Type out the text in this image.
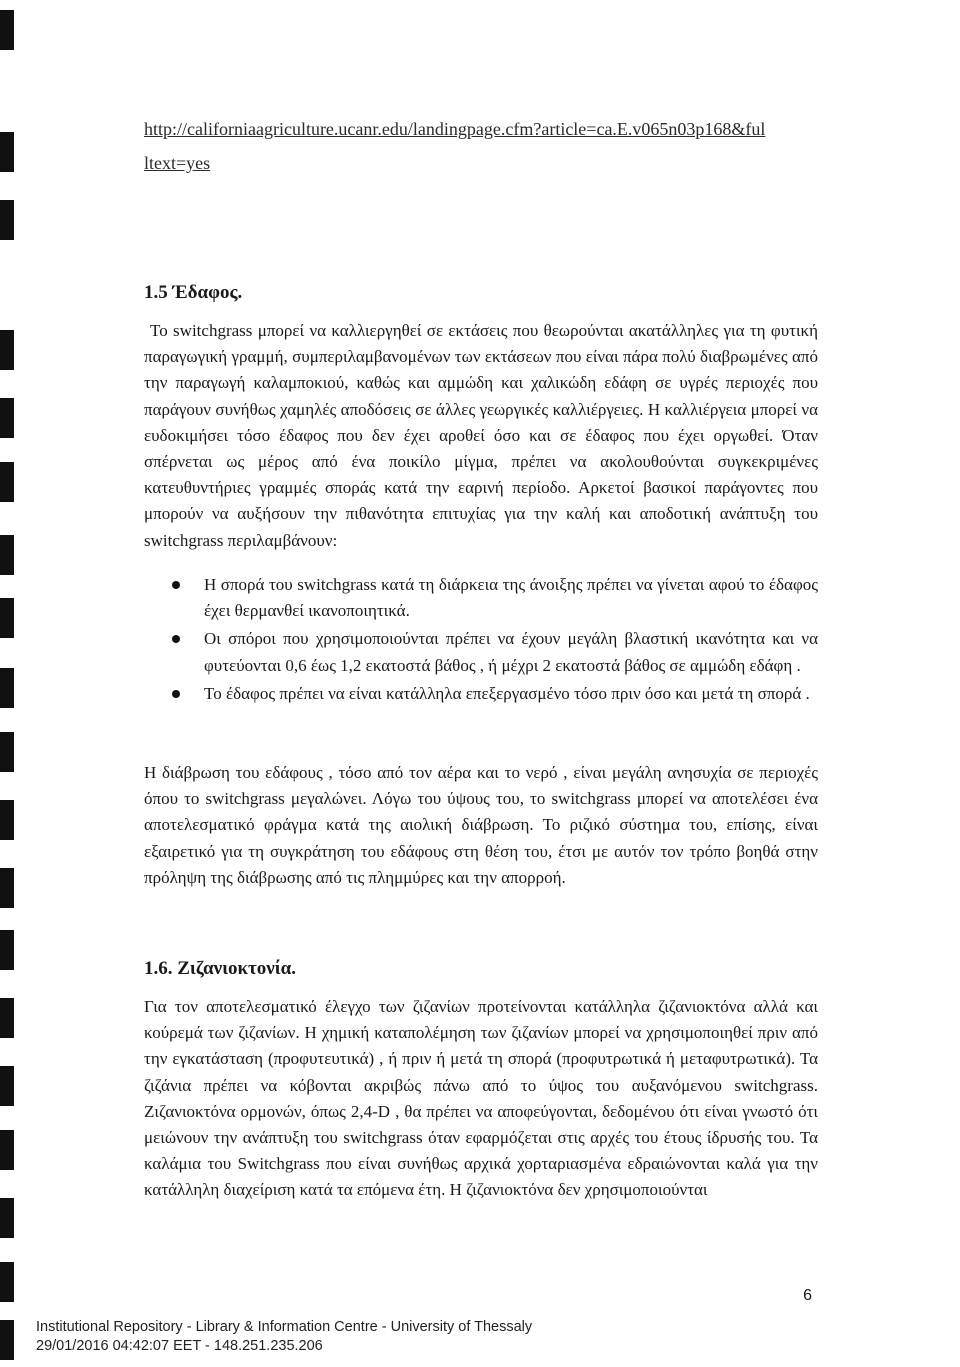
http://californiaagriculture.ucanr.edu/landingpage.cfm?article=ca.E.v065n03p168&ful
ltext=yes
1.5 Έδαφος.

Το switchgrass μπορεί να καλλιεργηθεί σε εκτάσεις που θεωρούνται ακατάλληλες για τη φυτική παραγωγική γραμμή, συμπεριλαμβανομένων των εκτάσεων που είναι πάρα πολύ διαβρωμένες από την παραγωγή καλαμποκιού, καθώς και αμμώδη και χαλικώδη εδάφη σε υγρές περιοχές που παράγουν συνήθως χαμηλές αποδόσεις σε άλλες γεωργικές καλλιέργειες. Η καλλιέργεια μπορεί να ευδοκιμήσει τόσο έδαφος που δεν έχει αροθεί όσο και σε έδαφος που έχει οργωθεί. Όταν σπέρνεται ως μέρος από ένα ποικίλο μίγμα, πρέπει να ακολουθούνται συγκεκριμένες κατευθυντήριες γραμμές σποράς κατά την εαρινή περίοδο. Αρκετοί βασικοί παράγοντες που μπορούν να αυξήσουν την πιθανότητα επιτυχίας για την καλή και αποδοτική ανάπτυξη του switchgrass περιλαμβάνουν:

Η σπορά του switchgrass κατά τη διάρκεια της άνοιξης πρέπει να γίνεται αφού το έδαφος έχει θερμανθεί ικανοποιητικά.
Οι σπόροι που χρησιμοποιούνται πρέπει να έχουν μεγάλη βλαστική ικανότητα και να φυτεύονται 0,6 έως 1,2 εκατοστά βάθος , ή μέχρι 2 εκατοστά βάθος σε αμμώδη εδάφη .
Το έδαφος πρέπει να είναι κατάλληλα επεξεργασμένο τόσο πριν όσο και μετά τη σπορά .

Η διάβρωση του εδάφους , τόσο από τον αέρα και το νερό , είναι μεγάλη ανησυχία σε περιοχές όπου το switchgrass μεγαλώνει. Λόγω του ύψους του, το switchgrass μπορεί να αποτελέσει ένα αποτελεσματικό φράγμα κατά της αιολική διάβρωση. Το ριζικό σύστημα του, επίσης, είναι εξαιρετικό για τη συγκράτηση του εδάφους στη θέση του, έτσι με αυτόν τον τρόπο βοηθά στην πρόληψη της διάβρωσης από τις πλημμύρες και την απορροή.

1.6. Ζιζανιοκτονία.

Για τον αποτελεσματικό έλεγχο των ζιζανίων προτείνονται κατάλληλα ζιζανιοκτόνα αλλά και κούρεμά των ζιζανίων. Η χημική καταπολέμηση των ζιζανίων μπορεί να χρησιμοποιηθεί πριν από την εγκατάσταση (προφυτευτικά) , ή πριν ή μετά τη σπορά (προφυτρωτικά ή μεταφυτρωτικά). Τα ζιζάνια πρέπει να κόβονται ακριβώς πάνω από το ύψος του αυξανόμενου switchgrass. Ζιζανιοκτόνα ορμονών, όπως 2,4-D , θα πρέπει να αποφεύγονται, δεδομένου ότι είναι γνωστό ότι μειώνουν την ανάπτυξη του switchgrass όταν εφαρμόζεται στις αρχές του έτους ίδρυσής του. Τα καλάμια του Switchgrass που είναι συνήθως αρχικά χορταριασμένα εδραιώνονται καλά για την κατάλληλη διαχείριση κατά τα επόμενα έτη. Η ζιζανιοκτόνα δεν χρησιμοποιούνται

6
Institutional Repository - Library & Information Centre - University of Thessaly
29/01/2016 04:42:07 EET - 148.251.235.206
